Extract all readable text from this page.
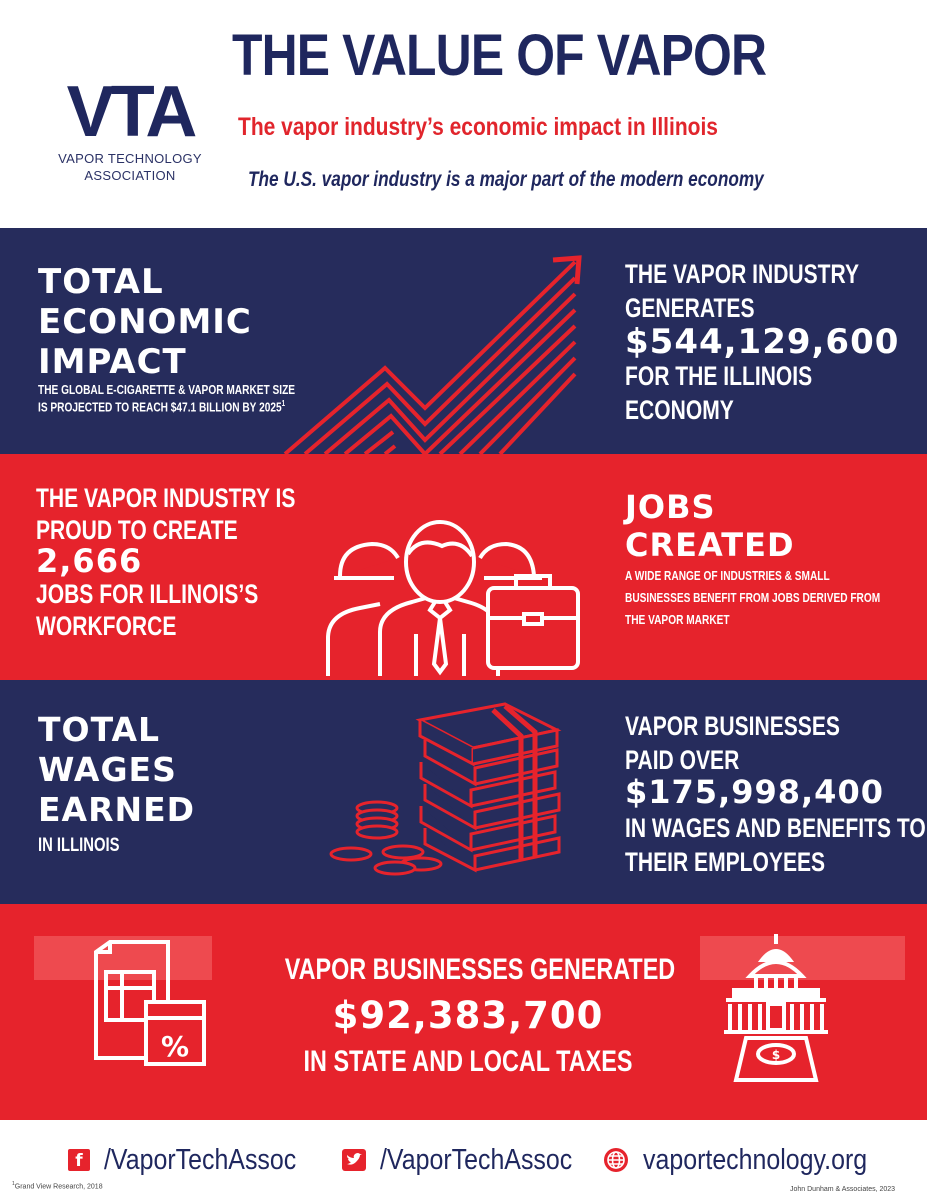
VTA
VAPOR TECHNOLOGY
ASSOCIATION
THE VALUE OF VAPOR
The vapor industry’s economic impact in Illinois
The U.S. vapor industry is a major part of the modern economy
TOTAL
ECONOMIC
IMPACT
THE GLOBAL E-CIGARETTE & VAPOR MARKET SIZE
IS PROJECTED TO REACH $47.1 BILLION BY 2025$^1$
THE VAPOR INDUSTRY
GENERATES
$544,129,600
FOR THE ILLINOIS
ECONOMY
THE VAPOR INDUSTRY IS
PROUD TO CREATE
2,666
JOBS FOR ILLINOIS’S
WORKFORCE
JOBS
CREATED
A WIDE RANGE OF INDUSTRIES & SMALL
BUSINESSES BENEFIT FROM JOBS DERIVED FROM
THE VAPOR MARKET
TOTAL
WAGES
EARNED
IN ILLINOIS
VAPOR BUSINESSES
PAID OVER
$175,998,400
IN WAGES AND BENEFITS TO
THEIR EMPLOYEES
%
VAPOR BUSINESSES GENERATED
$92,383,700
IN STATE AND LOCAL TAXES	$
f /VaporTechAssoc	/VaporTechAssoc vaportechnology.org
$^1$Grand View Research, 2018	John Dunham & Associates, 2023
